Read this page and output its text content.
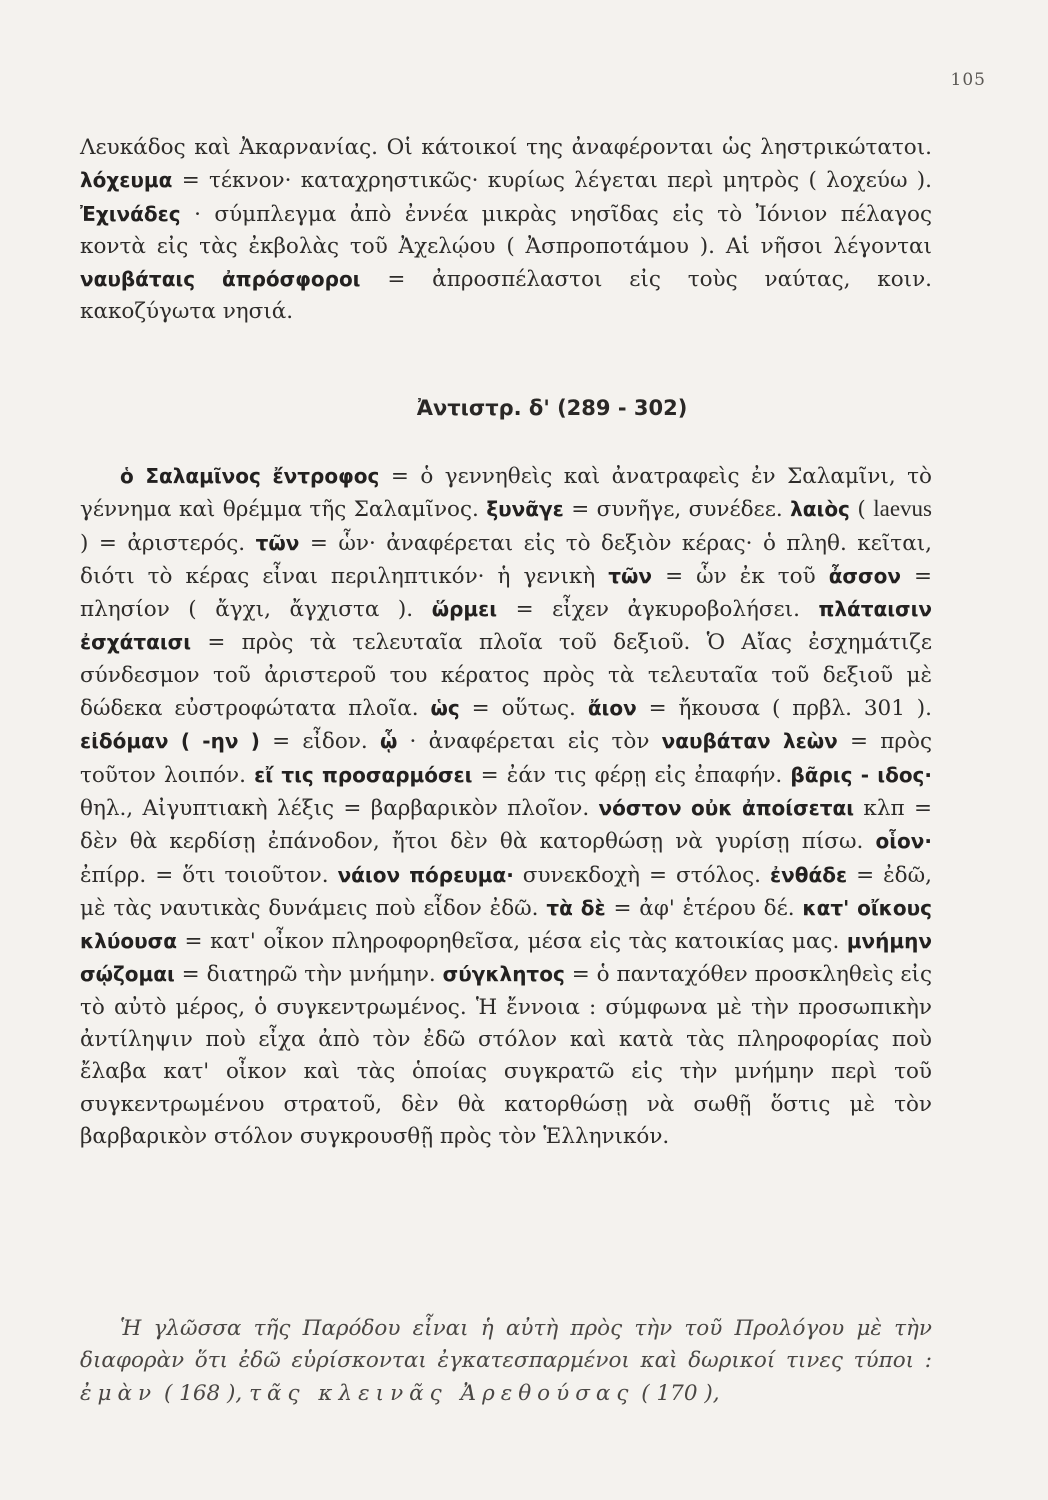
105

Λευκάδος καὶ Ἀκαρνανίας. Οἱ κάτοικοί της ἀναφέρονται ὡς ληστρικώτατοι. λόχευμα = τέκνον· καταχρηστικῶς· κυρίως λέγεται περὶ μητρὸς ( λοχεύω ). Ἐχινάδες · σύμπλεγμα ἀπὸ ἐννέα μικρὰς νησῖδας εἰς τὸ Ἰόνιον πέλαγος κοντὰ εἰς τὰς ἐκβολὰς τοῦ Ἀχελῴου ( Ἀσπροποτάμου ). Αἱ νῆσοι λέγονται ναυβάταις ἀπρόσφοροι = ἀπροσπέλαστοι εἰς τοὺς ναύτας, κοιν. κακοζύγωτα νησιά.

Ἀντιστρ. δ' (289 - 302)

ὁ Σαλαμῖνος ἔντροφος = ὁ γεννηθεὶς καὶ ἀνατραφεὶς ἐν Σαλαμῖνι, τὸ γέννημα καὶ θρέμμα τῆς Σαλαμῖνος. ξυνᾶγε = συνῆγε, συνέδεε. λαιὸς ( laevus ) = ἀριστερός. τῶν = ὧν· ἀναφέρεται εἰς τὸ δεξιὸν κέρας· ὁ πληθ. κεῖται, διότι τὸ κέρας εἶναι περιληπτικόν· ἡ γενικὴ τῶν = ὧν ἐκ τοῦ ἆσσον = πλησίον ( ἄγχι, ἄγχιστα ). ὥρμει = εἶχεν ἀγκυροβολήσει. πλάταισιν ἐσχάταισι = πρὸς τὰ τελευταῖα πλοῖα τοῦ δεξιοῦ. Ὁ Αἴας ἐσχημάτιζε σύνδεσμον τοῦ ἀριστεροῦ του κέρατος πρὸς τὰ τελευταῖα τοῦ δεξιοῦ μὲ δώδεκα εὐστροφώτατα πλοῖα. ὡς = οὕτως. ἄιον = ἤκουσα ( πρβλ. 301 ). εἰδόμαν ( -ην ) = εἶδον. ᾧ · ἀναφέρεται εἰς τὸν ναυβάταν λεὼν = πρὸς τοῦτον λοιπόν. εἴ τις προσαρμόσει = ἐάν τις φέρῃ εἰς ἐπαφήν. βᾶρις - ιδος· θηλ., Αἰγυπτιακὴ λέξις = βαρβαρικὸν πλοῖον. νόστον οὐκ ἀποίσεται κλπ = δὲν θὰ κερδίσῃ ἐπάνοδον, ἤτοι δὲν θὰ κατορθώσῃ νὰ γυρίσῃ πίσω. οἷον· ἐπίρρ. = ὅτι τοιοῦτον. νάιον πόρευμα· συνεκδοχὴ = στόλος. ἐνθάδε = ἐδῶ, μὲ τὰς ναυτικὰς δυνάμεις ποὺ εἶδον ἐδῶ. τὰ δὲ = ἀφ' ἑτέρου δέ. κατ' οἴκους κλύουσα = κατ' οἶκον πληροφορηθεῖσα, μέσα εἰς τὰς κατοικίας μας. μνήμην σῴζομαι = διατηρῶ τὴν μνήμην. σύγκλητος = ὁ πανταχόθεν προσκληθεὶς εἰς τὸ αὐτὸ μέρος, ὁ συγκεντρωμένος. Ἡ ἔννοια : σύμφωνα μὲ τὴν προσωπικὴν ἀντίληψιν ποὺ εἶχα ἀπὸ τὸν ἐδῶ στόλον καὶ κατὰ τὰς πληροφορίας ποὺ ἔλαβα κατ' οἶκον καὶ τὰς ὁποίας συγκρατῶ εἰς τὴν μνήμην περὶ τοῦ συγκεντρωμένου στρατοῦ, δὲν θὰ κατορθώσῃ νὰ σωθῇ ὅστις μὲ τὸν βαρβαρικὸν στόλον συγκρουσθῇ πρὸς τὸν Ἑλληνικόν.

Ἡ γλῶσσα τῆς Παρόδου εἶναι ἡ αὐτὴ πρὸς τὴν τοῦ Προλόγου μὲ τὴν διαφορὰν ὅτι ἐδῶ εὑρίσκονται ἐγκατεσπαρμένοι καὶ δωρικοί τινες τύποι : ἐμὰν ( 168 ), τᾶς κλεινᾶς Ἀρεθούσας ( 170 ),
